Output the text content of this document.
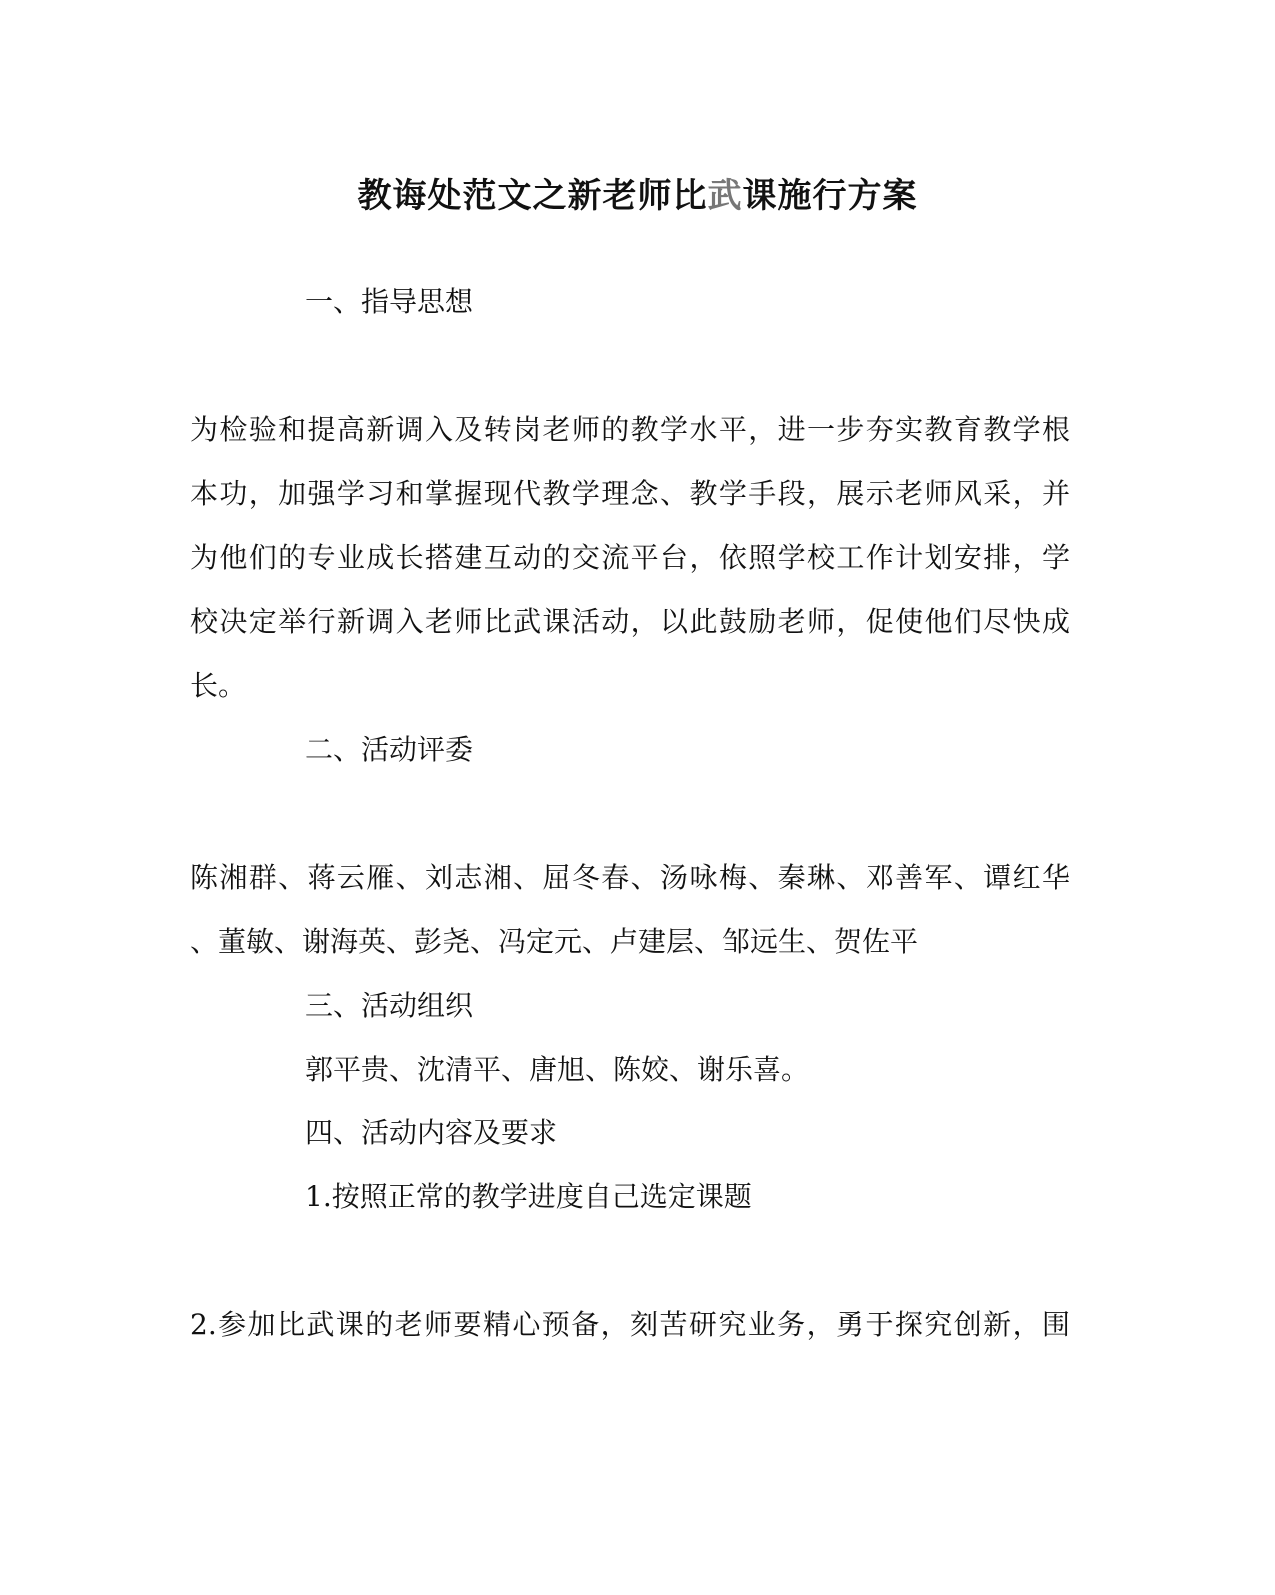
教诲处范文之新老师比武课施行方案
一、指导思想
为检验和提高新调入及转岗老师的教学水平，进一步夯实教育教学根
本功，加强学习和掌握现代教学理念、教学手段，展示老师风采，并
为他们的专业成长搭建互动的交流平台，依照学校工作计划安排，学
校决定举行新调入老师比武课活动，以此鼓励老师，促使他们尽快成
长。
二、活动评委
陈湘群、蒋云雁、刘志湘、屈冬春、汤咏梅、秦琳、邓善军、谭红华
、董敏、谢海英、彭尧、冯定元、卢建层、邹远生、贺佐平
三、活动组织
郭平贵、沈清平、唐旭、陈姣、谢乐喜。
四、活动内容及要求
1.按照正常的教学进度自己选定课题
2.参加比武课的老师要精心预备，刻苦研究业务，勇于探究创新，围
